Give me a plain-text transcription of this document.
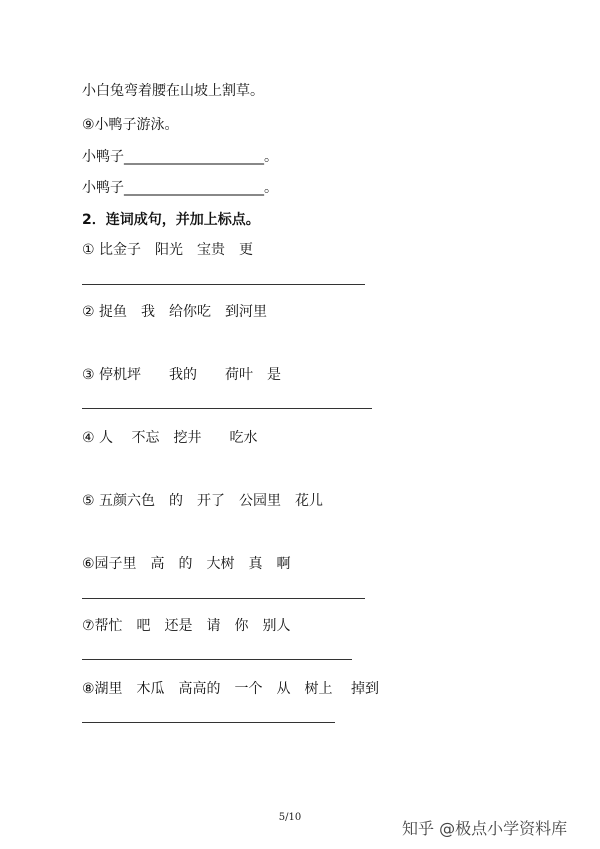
小白兔弯着腰在山坡上割草。
⑨小鸭子游泳。
小鸭子____________________。
小鸭子____________________。
2．连词成句，并加上标点。
① 比金子　阳光　宝贵　更
② 捉鱼　我　给你吃　到河里
③ 停机坪　　我的　　荷叶　是
④ 人　 不忘　挖井　　吃水
⑤ 五颜六色　的　开了　公园里　花儿
⑥园子里　高　的　大树　真　啊
⑦帮忙　吧　还是　请　你　别人
⑧湖里　木瓜　高高的　一个　从　树上　 掉到
5/10
知乎 @极点小学资料库
